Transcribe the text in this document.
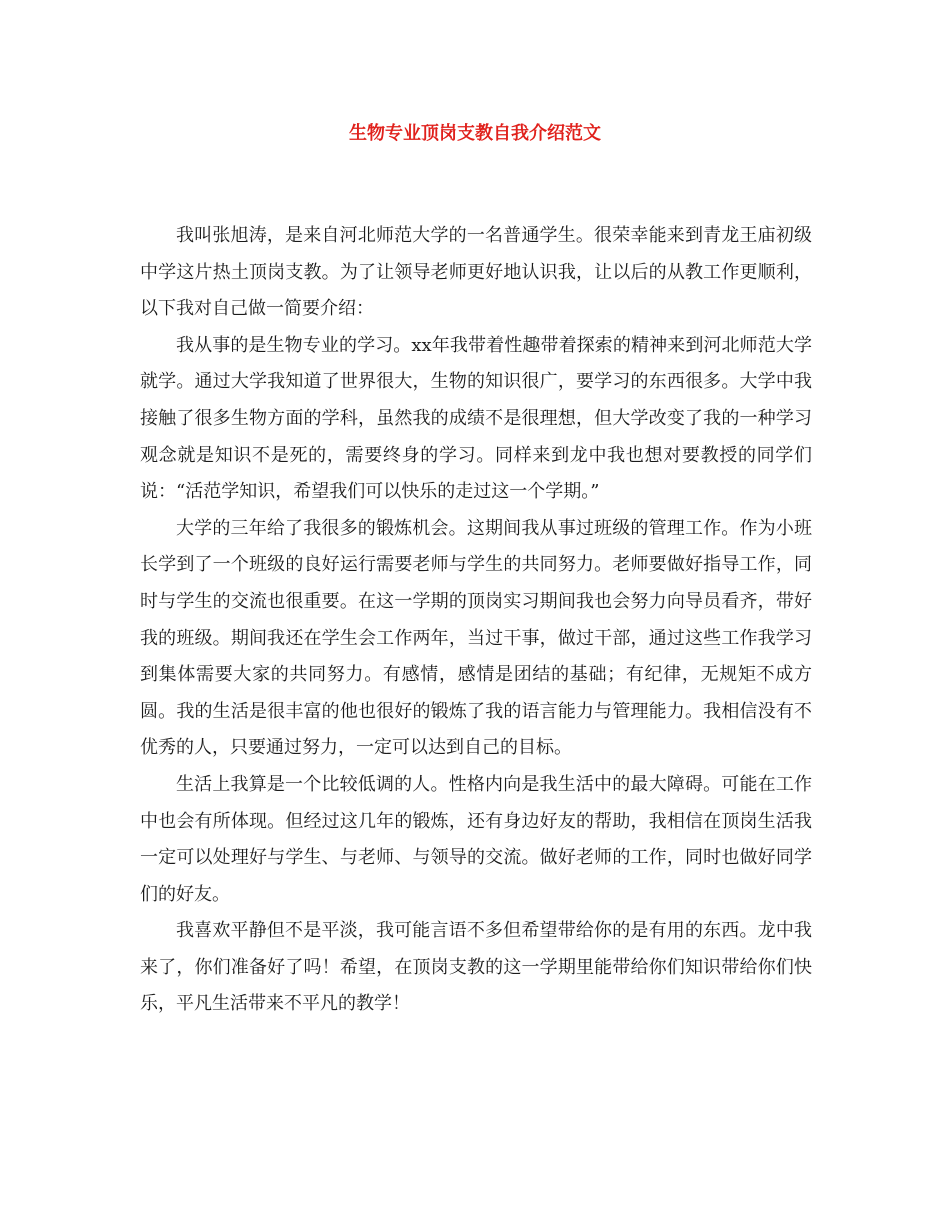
生物专业顶岗支教自我介绍范文

我叫张旭涛，是来自河北师范大学的一名普通学生。很荣幸能来到青龙王庙初级中学这片热土顶岗支教。为了让领导老师更好地认识我，让以后的从教工作更顺利，以下我对自己做一简要介绍：

我从事的是生物专业的学习。xx年我带着性趣带着探索的精神来到河北师范大学就学。通过大学我知道了世界很大，生物的知识很广，要学习的东西很多。大学中我接触了很多生物方面的学科，虽然我的成绩不是很理想，但大学改变了我的一种学习观念就是知识不是死的，需要终身的学习。同样来到龙中我也想对要教授的同学们说：“活范学知识，希望我们可以快乐的走过这一个学期。”

大学的三年给了我很多的锻炼机会。这期间我从事过班级的管理工作。作为小班长学到了一个班级的良好运行需要老师与学生的共同努力。老师要做好指导工作，同时与学生的交流也很重要。在这一学期的顶岗实习期间我也会努力向导员看齐，带好我的班级。期间我还在学生会工作两年，当过干事，做过干部，通过这些工作我学习到集体需要大家的共同努力。有感情，感情是团结的基础；有纪律，无规矩不成方圆。我的生活是很丰富的他也很好的锻炼了我的语言能力与管理能力。我相信没有不优秀的人，只要通过努力，一定可以达到自己的目标。

生活上我算是一个比较低调的人。性格内向是我生活中的最大障碍。可能在工作中也会有所体现。但经过这几年的锻炼，还有身边好友的帮助，我相信在顶岗生活我一定可以处理好与学生、与老师、与领导的交流。做好老师的工作，同时也做好同学们的好友。

我喜欢平静但不是平淡，我可能言语不多但希望带给你的是有用的东西。龙中我来了，你们准备好了吗！希望，在顶岗支教的这一学期里能带给你们知识带给你们快乐，平凡生活带来不平凡的教学！
